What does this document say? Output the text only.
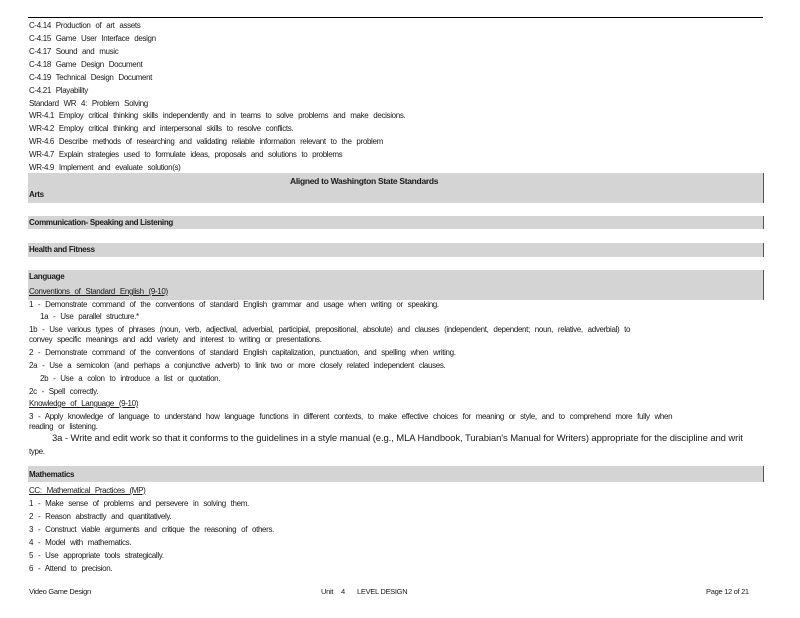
C-4.14 Production of art assets
C-4.15 Game User Interface design
C-4.17 Sound and music
C-4.18 Game Design Document
C-4.19 Technical Design Document
C-4.21 Playability
Standard WR 4: Problem Solving
WR-4.1 Employ critical thinking skills independently and in teams to solve problems and make decisions.
WR-4.2 Employ critical thinking and interpersonal skills to resolve conflicts.
WR-4.6 Describe methods of researching and validating reliable information relevant to the problem
WR-4.7 Explain strategies used to formulate ideas, proposals and solutions to problems
WR-4.9 Implement and evaluate solution(s)
Aligned to Washington State Standards
Arts
Communication- Speaking and Listening
Health and Fitness
Language
Conventions of Standard English (9-10)
1 - Demonstrate command of the conventions of standard English grammar and usage when writing or speaking.
1a - Use parallel structure.*
1b - Use various types of phrases (noun, verb, adjectival, adverbial, participial, prepositional, absolute) and clauses (independent, dependent; noun, relative, adverbial) to
convey specific meanings and add variety and interest to writing or presentations.
2 - Demonstrate command of the conventions of standard English capitalization, punctuation, and spelling when writing.
2a - Use a semicolon (and perhaps a conjunctive adverb) to link two or more closely related independent clauses.
2b - Use a colon to introduce a list or quotation.
2c - Spell correctly.
Knowledge of Language (9-10)
3 - Apply knowledge of language to understand how language functions in different contexts, to make effective choices for meaning or style, and to comprehend more fully when
reading or listening.
3a - Write and edit work so that it conforms to the guidelines in a style manual (e.g., MLA Handbook, Turabian's Manual for Writers) appropriate for the discipline and writ
type.
Mathematics
CC: Mathematical Practices (MP)
1 - Make sense of problems and persevere in solving them.
2 - Reason abstractly and quantitatively.
3 - Construct viable arguments and critique the reasoning of others.
4 - Model with mathematics.
5 - Use appropriate tools strategically.
6 - Attend to precision.
Video Game Design	Unit 4 LEVEL DESIGN	Page 12 of 21
